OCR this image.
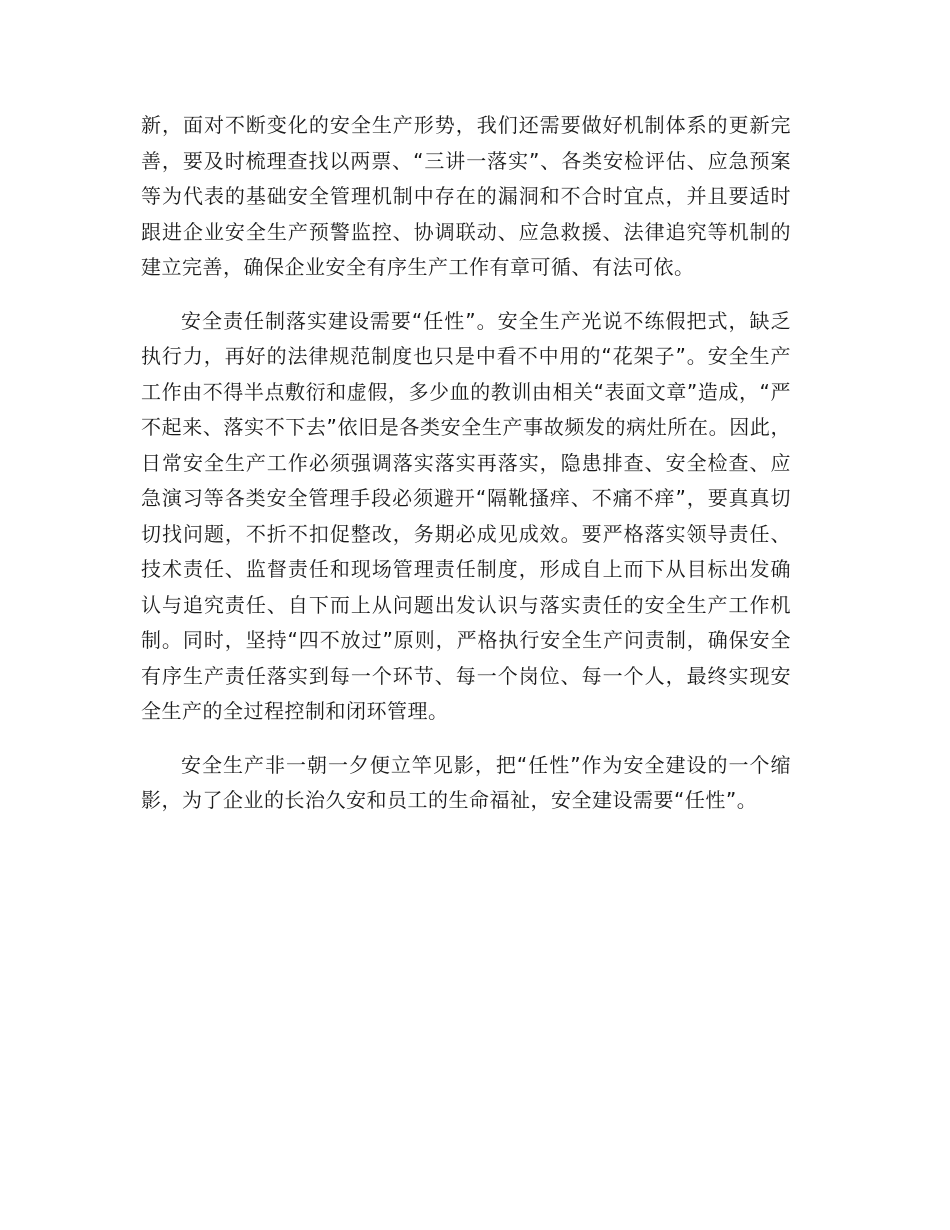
新，面对不断变化的安全生产形势，我们还需要做好机制体系的更新完善，要及时梳理查找以两票、“三讲一落实”、各类安检评估、应急预案等为代表的基础安全管理机制中存在的漏洞和不合时宜点，并且要适时跟进企业安全生产预警监控、协调联动、应急救援、法律追究等机制的建立完善，确保企业安全有序生产工作有章可循、有法可依。

安全责任制落实建设需要“任性”。安全生产光说不练假把式，缺乏执行力，再好的法律规范制度也只是中看不中用的“花架子”。安全生产工作由不得半点敷衍和虚假，多少血的教训由相关“表面文章”造成，“严不起来、落实不下去”依旧是各类安全生产事故频发的病灶所在。因此，日常安全生产工作必须强调落实落实再落实，隐患排查、安全检查、应急演习等各类安全管理手段必须避开“隔靴搔痒、不痛不痒”，要真真切切找问题，不折不扣促整改，务期必成见成效。要严格落实领导责任、技术责任、监督责任和现场管理责任制度，形成自上而下从目标出发确认与追究责任、自下而上从问题出发认识与落实责任的安全生产工作机制。同时，坚持“四不放过”原则，严格执行安全生产问责制，确保安全有序生产责任落实到每一个环节、每一个岗位、每一个人，最终实现安全生产的全过程控制和闭环管理。

安全生产非一朝一夕便立竿见影，把“任性”作为安全建设的一个缩影，为了企业的长治久安和员工的生命福祉，安全建设需要“任性”。
